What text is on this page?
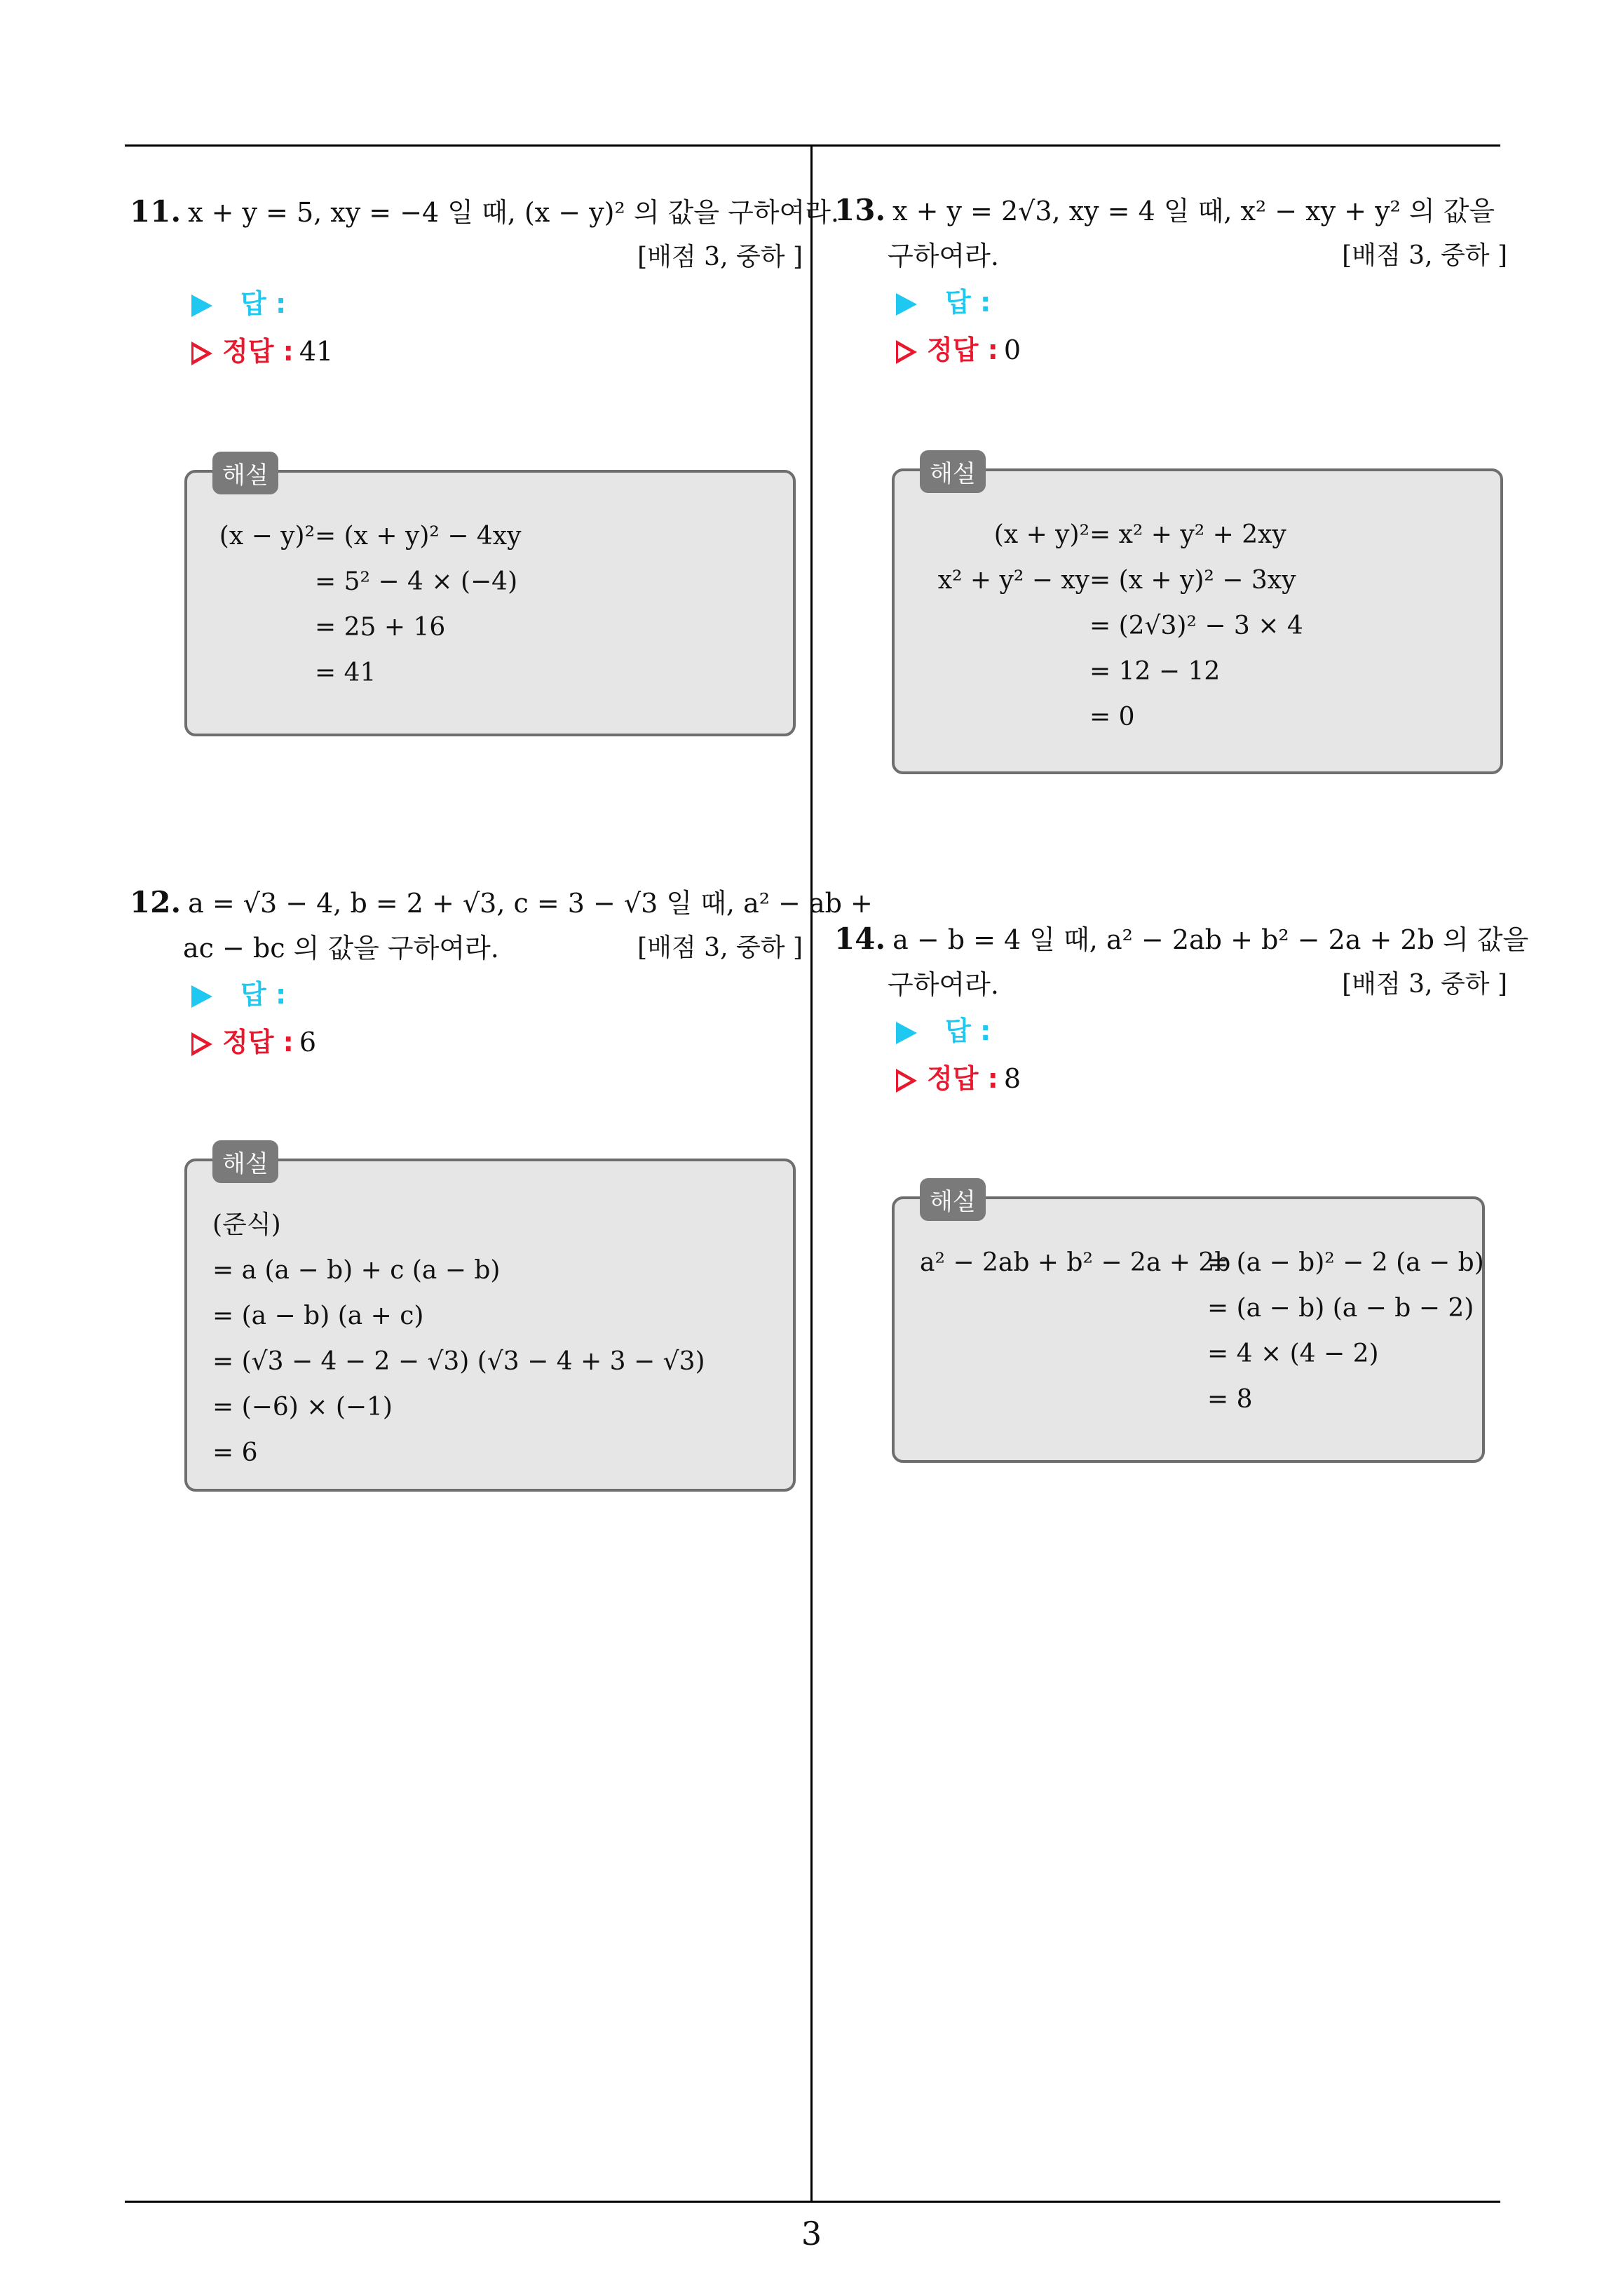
11. x + y = 5, xy = −4 일 때, (x − y)² 의 값을 구하여라.
[배점 3, 중하 ]
답 :
정답 : 41
해설
(x − y)²= (x + y)² − 4xy
= 5² − 4 × (−4)
= 25 + 16
= 41
12. a = √3 − 4, b = 2 + √3, c = 3 − √3 일 때, a² − ab +
ac − bc 의 값을 구하여라.	[배점 3, 중하 ]
답 :
정답 : 6
해설
(준식)
= a (a − b) + c (a − b)
= (a − b) (a + c)
= (√3 − 4 − 2 − √3) (√3 − 4 + 3 − √3)
= (−6) × (−1)
= 6
13. x + y = 2√3, xy = 4 일 때, x² − xy + y² 의 값을
구하여라.	[배점 3, 중하 ]
답 :
정답 : 0
해설
(x + y)²= x² + y² + 2xy
x² + y² − xy= (x + y)² − 3xy
= (2√3)² − 3 × 4
= 12 − 12
= 0
14. a − b = 4 일 때, a² − 2ab + b² − 2a + 2b 의 값을
구하여라.	[배점 3, 중하 ]
답 :
정답 : 8
해설
a² − 2ab + b² − 2a + 2b= (a − b)² − 2 (a − b)
= (a − b) (a − b − 2)
= 4 × (4 − 2)
= 8
3
